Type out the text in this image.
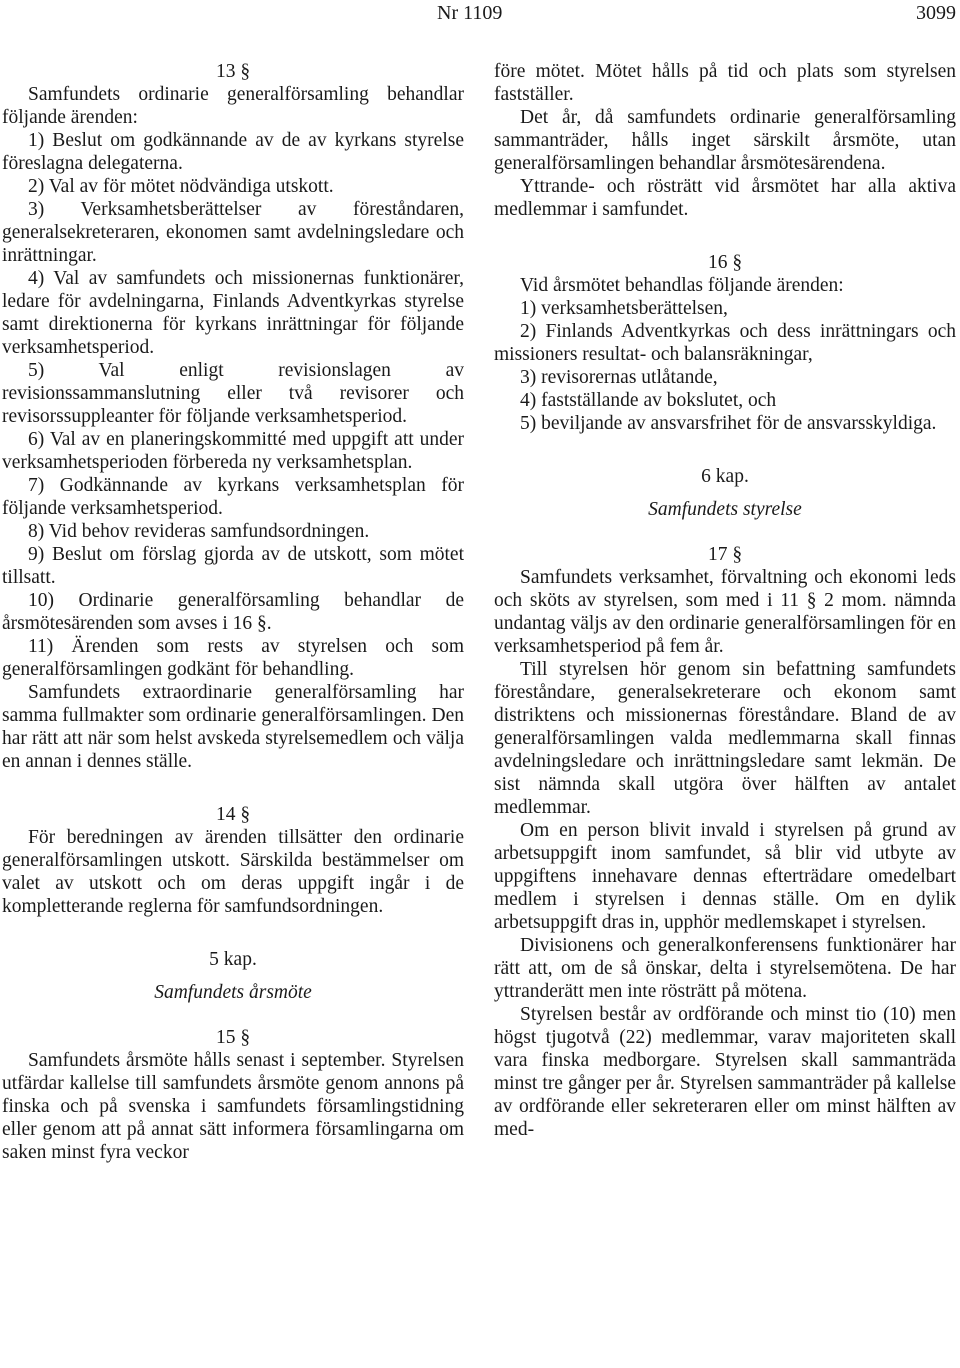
Nr 1109	3099

13 §

Samfundets ordinarie generalförsamling behandlar följande ärenden:

1) Beslut om godkännande av de av kyrkans styrelse föreslagna delegaterna.

2) Val av för mötet nödvändiga utskott.

3) Verksamhetsberättelser av föreståndaren, generalsekreteraren, ekonomen samt avdelningsledare och inrättningar.

4) Val av samfundets och missionernas funktionärer, ledare för avdelningarna, Finlands Adventkyrkas styrelse samt direktionerna för kyrkans inrättningar för följande verksamhetsperiod.

5) Val enligt revisionslagen av revisionssammanslutning eller två revisorer och revisorssuppleanter för följande verksamhetsperiod.

6) Val av en planeringskommitté med uppgift att under verksamhetsperioden förbereda ny verksamhetsplan.

7) Godkännande av kyrkans verksamhetsplan för följande verksamhetsperiod.

8) Vid behov revideras samfundsordningen.

9) Beslut om förslag gjorda av de utskott, som mötet tillsatt.

10) Ordinarie generalförsamling behandlar de årsmötesärenden som avses i 16 §.

11) Ärenden som rests av styrelsen och som generalförsamlingen godkänt för behandling.

Samfundets extraordinarie generalförsamling har samma fullmakter som ordinarie generalförsamlingen. Den har rätt att när som helst avskeda styrelsemedlem och välja en annan i dennes ställe.

14 §

För beredningen av ärenden tillsätter den ordinarie generalförsamlingen utskott. Särskilda bestämmelser om valet av utskott och om deras uppgift ingår i de kompletterande reglerna för samfundsordningen.

5 kap.

Samfundets årsmöte

15 §

Samfundets årsmöte hålls senast i september. Styrelsen utfärdar kallelse till samfundets årsmöte genom annons på finska och på svenska i samfundets församlingstidning eller genom att på annat sätt informera församlingarna om saken minst fyra veckor

före mötet. Mötet hålls på tid och plats som styrelsen fastställer.

Det år, då samfundets ordinarie generalförsamling sammanträder, hålls inget särskilt årsmöte, utan generalförsamlingen behandlar årsmötesärendena.

Yttrande- och rösträtt vid årsmötet har alla aktiva medlemmar i samfundet.

16 §

Vid årsmötet behandlas följande ärenden:

1) verksamhetsberättelsen,

2) Finlands Adventkyrkas och dess inrättningars och missioners resultat- och balansräkningar,

3) revisorernas utlåtande,

4) fastställande av bokslutet, och

5) beviljande av ansvarsfrihet för de ansvarsskyldiga.

6 kap.

Samfundets styrelse

17 §

Samfundets verksamhet, förvaltning och ekonomi leds och sköts av styrelsen, som med i 11 § 2 mom. nämnda undantag väljs av den ordinarie generalförsamlingen för en verksamhetsperiod på fem år.

Till styrelsen hör genom sin befattning samfundets föreståndare, generalsekreterare och ekonom samt distriktens och missionernas föreståndare. Bland de av generalförsamlingen valda medlemmarna skall finnas avdelningsledare och inrättningsledare samt lekmän. De sist nämnda skall utgöra över hälften av antalet medlemmar.

Om en person blivit invald i styrelsen på grund av arbetsuppgift inom samfundet, så blir vid utbyte av uppgiftens innehavare dennas efterträdare omedelbart medlem i styrelsen i dennas ställe. Om en dylik arbetsuppgift dras in, upphör medlemskapet i styrelsen.

Divisionens och generalkonferensens funktionärer har rätt att, om de så önskar, delta i styrelsemötena. De har yttranderätt men inte rösträtt på mötena.

Styrelsen består av ordförande och minst tio (10) men högst tjugotvå (22) medlemmar, varav majoriteten skall vara finska medborgare. Styrelsen skall sammanträda minst tre gånger per år. Styrelsen sammanträder på kallelse av ordförande eller sekreteraren eller om minst hälften av med-
